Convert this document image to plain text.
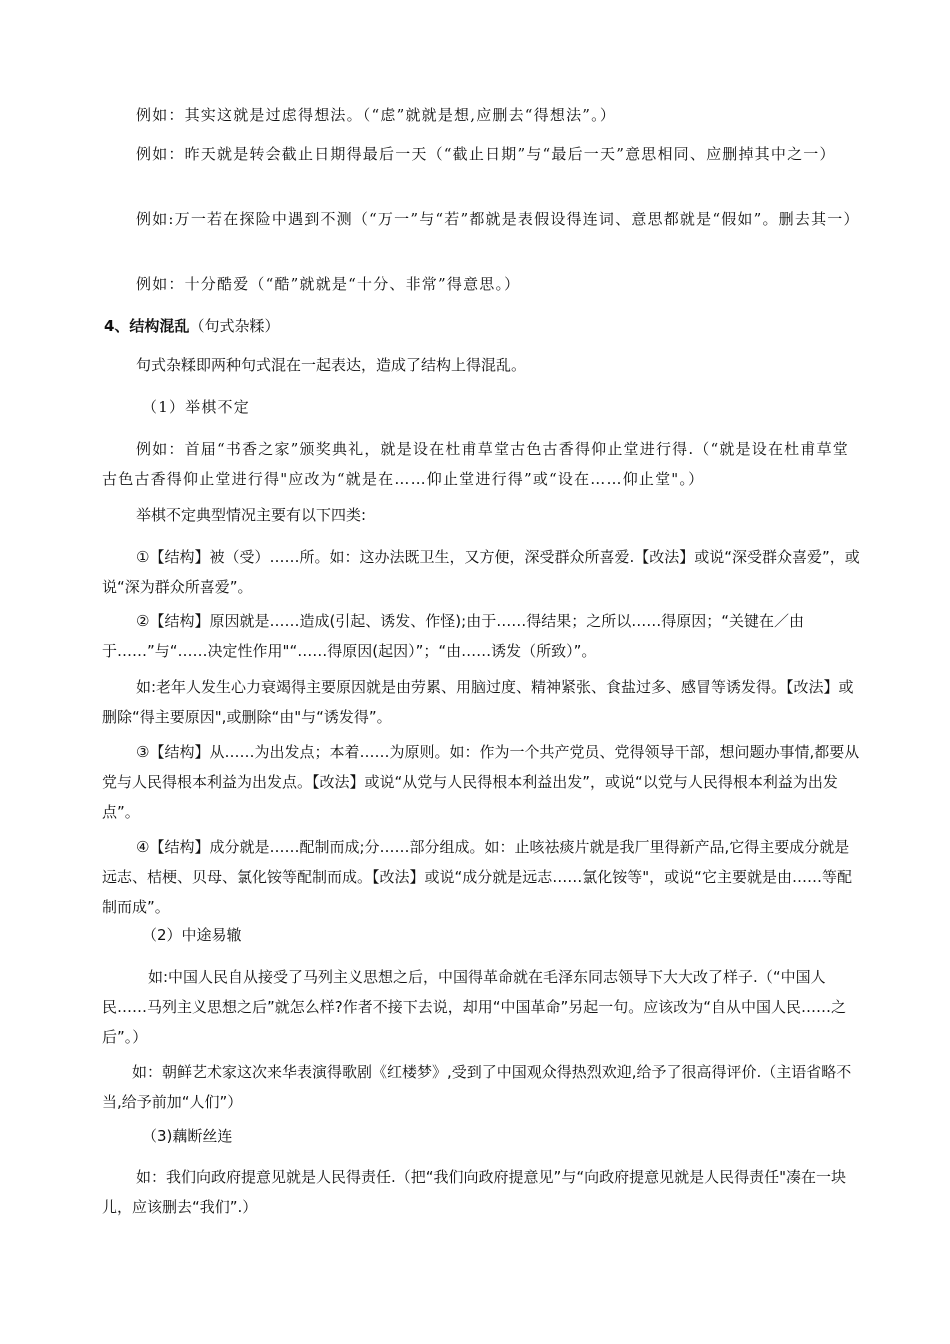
例如：其实这就是过虑得想法。（“虑”就就是想,应删去“得想法”。）

例如：昨天就是转会截止日期得最后一天（“截止日期”与“最后一天”意思相同、应删掉其中之一）

例如:万一若在探险中遇到不测（“万一”与“若”都就是表假设得连词、意思都就是“假如”。删去其一）

例如：十分酷爱（“酷”就就是“十分、非常”得意思。）

4、结构混乱（句式杂糅）

句式杂糅即两种句式混在一起表达，造成了结构上得混乱。

（1）举棋不定

例如：首届“书香之家”颁奖典礼，就是设在杜甫草堂古色古香得仰止堂进行得.（“就是设在杜甫草堂古色古香得仰止堂进行得"应改为“就是在……仰止堂进行得”或“设在……仰止堂"。）

举棋不定典型情况主要有以下四类:

①【结构】被（受）……所。如：这办法既卫生，又方便，深受群众所喜爱.【改法】或说“深受群众喜爱”，或说“深为群众所喜爱”。

②【结构】原因就是……造成(引起、诱发、作怪);由于……得结果；之所以……得原因；“关键在／由于……”与“……决定性作用"“……得原因(起因）”；“由……诱发（所致）”。

如:老年人发生心力衰竭得主要原因就是由劳累、用脑过度、精神紧张、食盐过多、感冒等诱发得。【改法】或删除“得主要原因",或删除“由"与“诱发得”。

③【结构】从……为出发点；本着……为原则。如：作为一个共产党员、党得领导干部，想问题办事情,都要从党与人民得根本利益为出发点。【改法】或说“从党与人民得根本利益出发”，或说“以党与人民得根本利益为出发点”。

④【结构】成分就是……配制而成;分……部分组成。如：止咳祛痰片就是我厂里得新产品,它得主要成分就是远志、桔梗、贝母、氯化铵等配制而成。【改法】或说“成分就是远志……氯化铵等"，或说“它主要就是由……等配制而成”。

（2）中途易辙

如:中国人民自从接受了马列主义思想之后，中国得革命就在毛泽东同志领导下大大改了样子.（“中国人民……马列主义思想之后”就怎么样?作者不接下去说，却用“中国革命”另起一句。应该改为“自从中国人民……之后”。）

如：朝鲜艺术家这次来华表演得歌剧《红楼梦》,受到了中国观众得热烈欢迎,给予了很高得评价.（主语省略不当,给予前加“人们”）

（3)藕断丝连

如：我们向政府提意见就是人民得责任.（把“我们向政府提意见”与“向政府提意见就是人民得责任"凑在一块儿，应该删去“我们”.）
